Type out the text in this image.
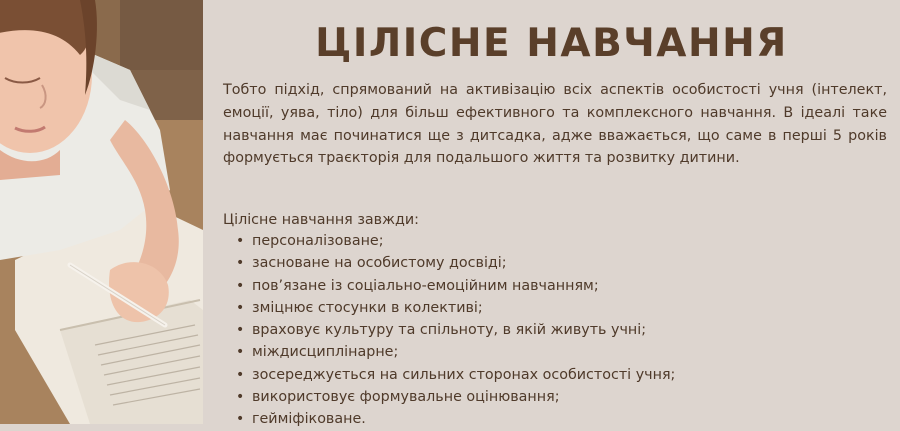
ЦІЛІСНЕ НАВЧАННЯ

Тобто підхід, спрямований на активізацію всіх аспектів особистості учня (інтелект, емоції, уява, тіло) для більш ефективного та комплексного навчання. В ідеалі таке навчання має починатися ще з дитсадка, адже вважається, що саме в перші 5 років формується траєкторія для подальшого життя та розвитку дитини.

Цілісне навчання завжди:

• персоналізоване;
• засноване на особистому досвіді;
• пов’язане із соціально-емоційним навчанням;
• зміцнює стосунки в колективі;
• враховує культуру та спільноту, в якій живуть учні;
• міждисциплінарне;
• зосереджується на сильних сторонах особистості учня;
• використовує формувальне оцінювання;
• гейміфіковане.
